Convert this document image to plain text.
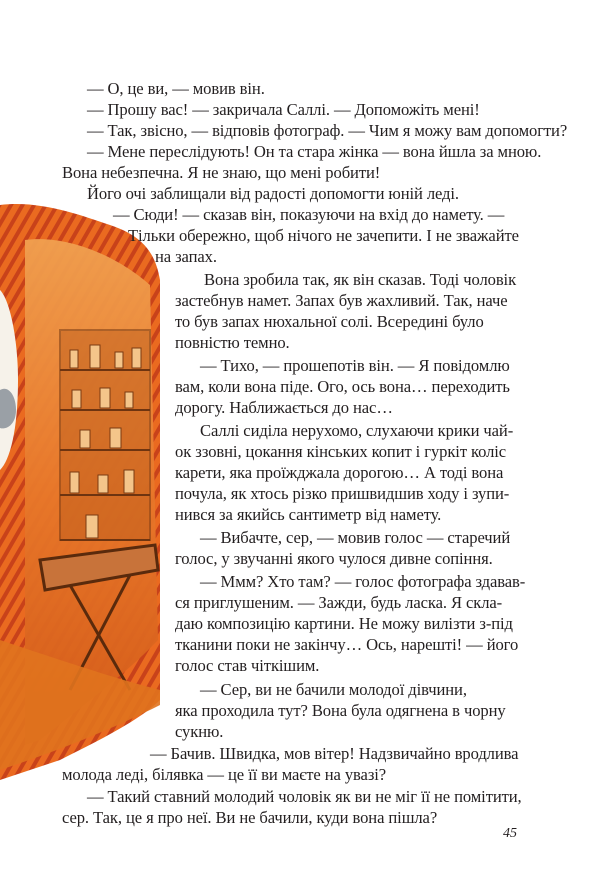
— О, це ви, — мовив він.
— Прошу вас! — закричала Саллі. — Допоможіть мені!
— Так, звісно, — відповів фотограф. — Чим я можу вам допомогти?
— Мене переслідують! Он та стара жінка — вона йшла за мною.
Вона небезпечна. Я не знаю, що мені робити!
Його очі заблищали від радості допомогти юній леді.
— Сюди! — сказав він, показуючи на вхід до намету. —
Тільки обережно, щоб нічого не зачепити. І не зважайте
на запах.
Вона зробила так, як він сказав. Тоді чоловік
застебнув намет. Запах був жахливий. Так, наче
то був запах нюхальної солі. Всередині було
повністю темно.
— Тихо, — прошепотів він. — Я повідомлю
вам, коли вона піде. Ого, ось вона… переходить
дорогу. Наближається до нас…
Саллі сиділа нерухомо, слухаючи крики чай-
ок ззовні, цокання кінських копит і гуркіт коліс
карети, яка проїжджала дорогою… А тоді вона
почула, як хтось різко пришвидшив ходу і зупи-
нився за якийсь сантиметр від намету.
— Вибачте, сер, — мовив голос — старечий
голос, у звучанні якого чулося дивне сопіння.
— Ммм? Хто там? — голос фотографа здавав-
ся приглушеним. — Зажди, будь ласка. Я скла-
даю композицію картини. Не можу вилізти з-під
тканини поки не закінчу… Ось, нарешті! — його
голос став чіткішим.
— Сер, ви не бачили молодої дівчини,
яка проходила тут? Вона була одягнена в чорну
сукню.
— Бачив. Швидка, мов вітер! Надзвичайно вродлива
молода леді, білявка — це її ви маєте на увазі?
— Такий ставний молодий чоловік як ви не міг її не помітити,
сер. Так, це я про неї. Ви не бачили, куди вона пішла?
45
